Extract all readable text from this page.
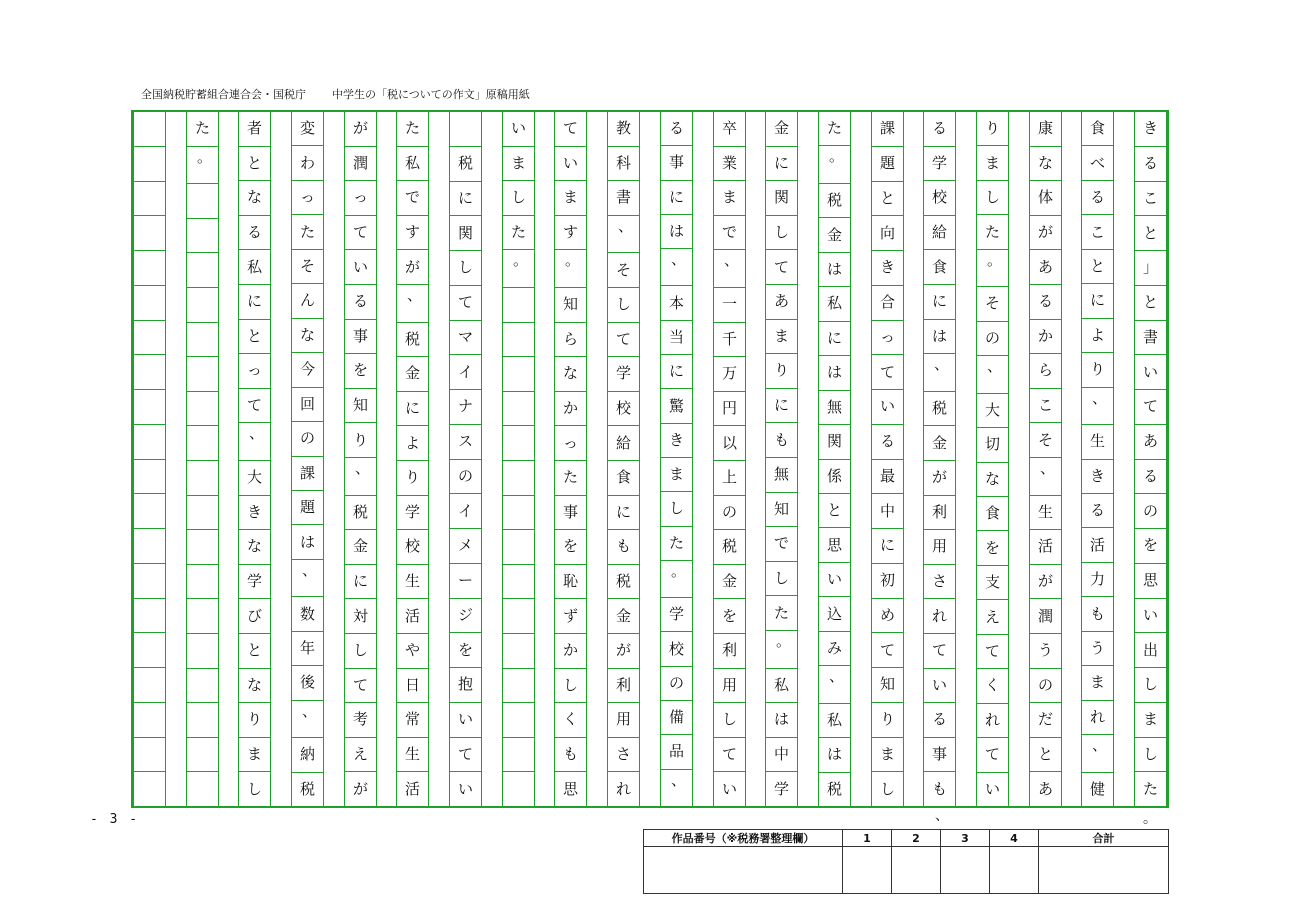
全国納税貯蓄組合連合会・国税庁 中学生の「税についての作文」原稿用紙
き
る
こ
と
」
と
書
い
て
あ
る
の
を
思
い
出
し
ま
し
た
食
べ
る
こ
と
に
よ
り
、
生
き
る
活
力
も
う
ま
れ
、
健
康
な
体
が
あ
る
か
ら
こ
そ
、
生
活
が
潤
う
の
だ
と
あ
り
ま
し
た
。
そ
の
、
大
切
な
食
を
支
え
て
く
れ
て
い
る
学
校
給
食
に
は
、
税
金
が
利
用
さ
れ
て
い
る
事
も
課
題
と
向
き
合
っ
て
い
る
最
中
に
初
め
て
知
り
ま
し
た
。
税
金
は
私
に
は
無
関
係
と
思
い
込
み
、
私
は
税
金
に
関
し
て
あ
ま
り
に
も
無
知
で
し
た
。
私
は
中
学
卒
業
ま
で
、
一
千
万
円
以
上
の
税
金
を
利
用
し
て
い
る
事
に
は
、
本
当
に
驚
き
ま
し
た
。
学
校
の
備
品
、
教
科
書
、
そ
し
て
学
校
給
食
に
も
税
金
が
利
用
さ
れ
て
い
ま
す
。
知
ら
な
か
っ
た
事
を
恥
ず
か
し
く
も
思
い
ま
し
た
。
税
に
関
し
て
マ
イ
ナ
ス
の
イ
メ
ー
ジ
を
抱
い
て
い
た
私
で
す
が
、
税
金
に
よ
り
学
校
生
活
や
日
常
生
活
が
潤
っ
て
い
る
事
を
知
り
、
税
金
に
対
し
て
考
え
が
変
わ
っ
た
そ
ん
な
今
回
の
課
題
は
、
数
年
後
、
納
税
者
と
な
る
私
に
と
っ
て
、
大
き
な
学
び
と
な
り
ま
し
た
。
。
、
- 3 -
作品番号（※税務署整理欄）	1	2	3	4	合計
